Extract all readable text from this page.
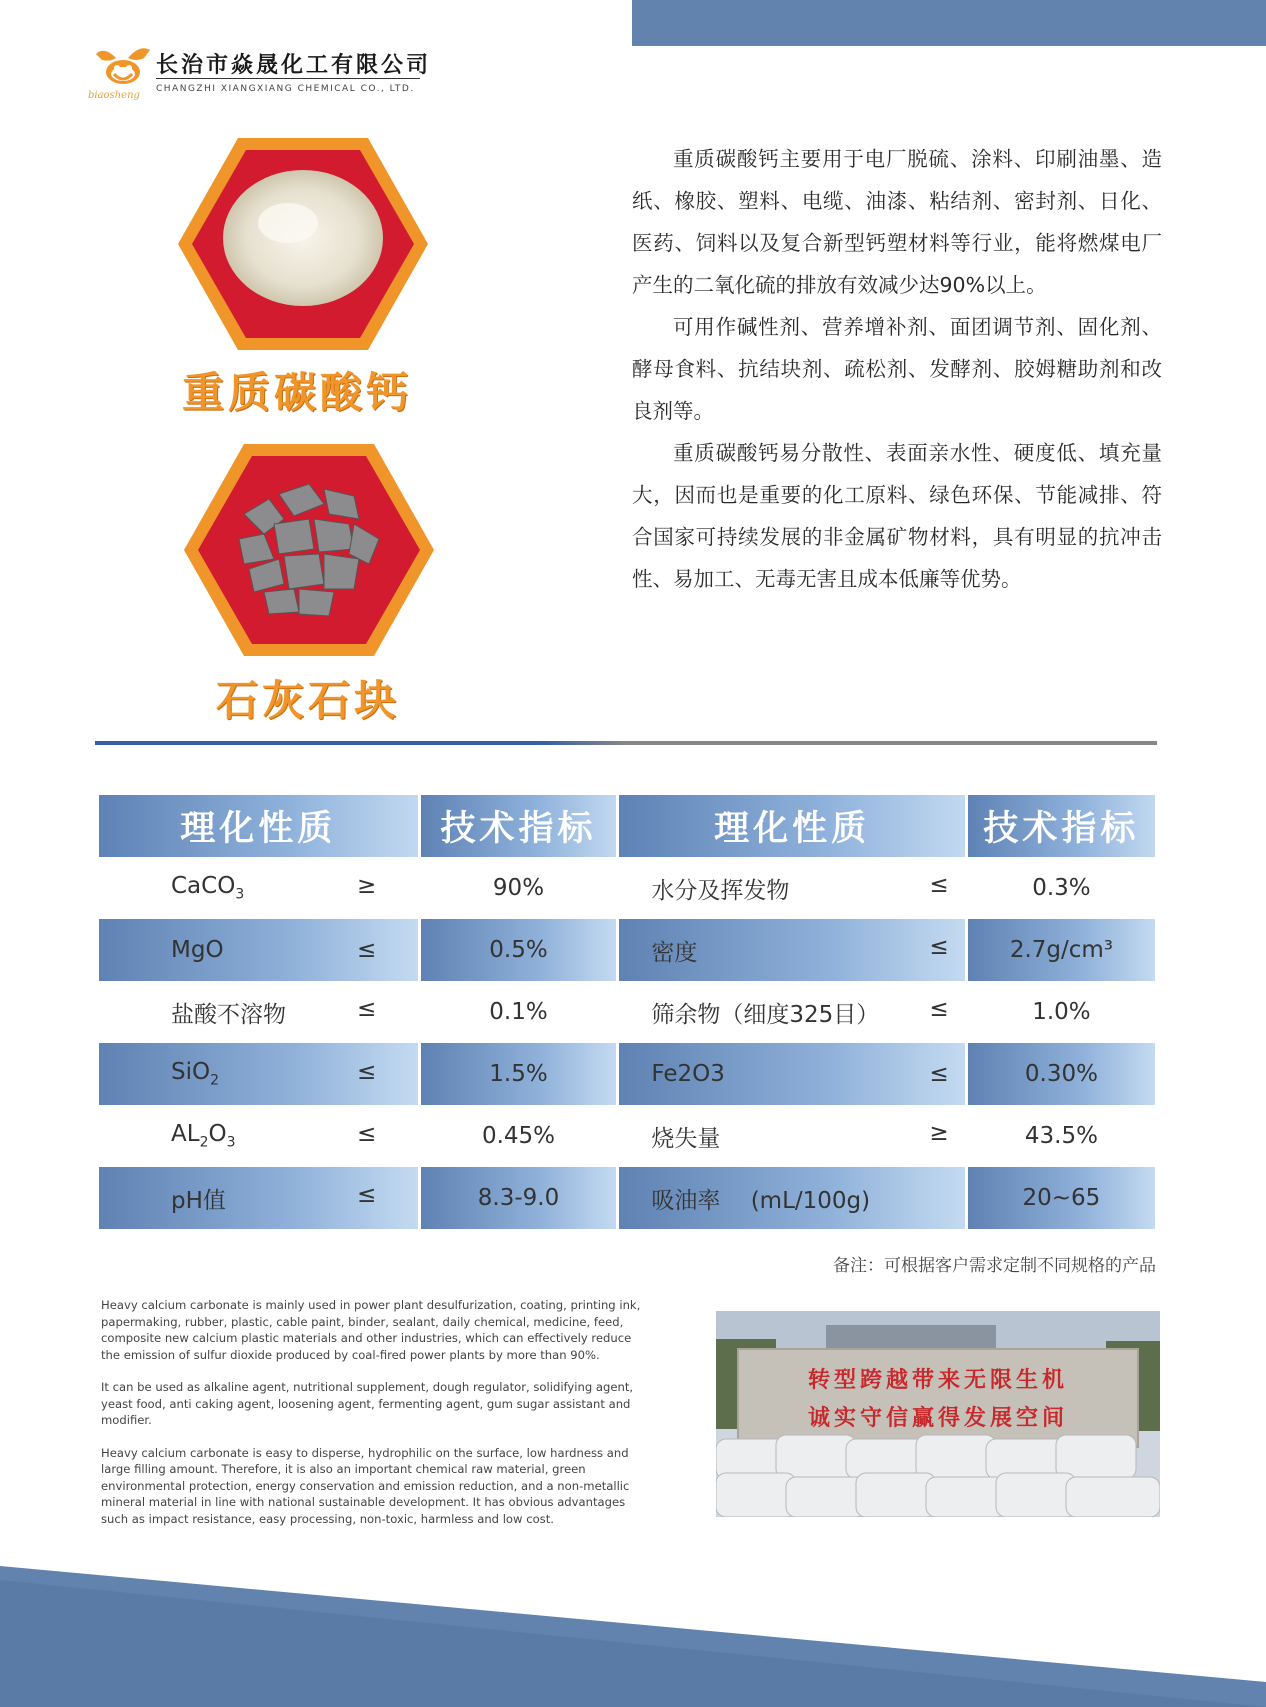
biaosheng
长治市焱晟化工有限公司
CHANGZHI XIANGXIANG CHEMICAL CO., LTD.
重质碳酸钙
石灰石块

重质碳酸钙主要用于电厂脱硫、涂料、印刷油墨、造纸、橡胶、塑料、电缆、油漆、粘结剂、密封剂、日化、医药、饲料以及复合新型钙塑材料等行业，能将燃煤电厂产生的二氧化硫的排放有效减少达90%以上。

可用作碱性剂、营养增补剂、面团调节剂、固化剂、酵母食料、抗结块剂、疏松剂、发酵剂、胶姆糖助剂和改良剂等。

重质碳酸钙易分散性、表面亲水性、硬度低、填充量大，因而也是重要的化工原料、绿色环保、节能减排、符合国家可持续发展的非金属矿物材料，具有明显的抗冲击性、易加工、无毒无害且成本低廉等优势。

理化性质	技术指标	理化性质	技术指标

CaCO$_3$ ≥	90%	水分及挥发物 ≤	0.3%

MgO ≤	0.5%	密度 ≤	2.7g/cm³

盐酸不溶物 ≤	0.1%	筛余物（细度325目） ≤	1.0%

SiO$_2$ ≤	1.5%	Fe2O3 ≤	0.30%

$AL_2O_3$ ≤	0.45%	烧失量 ≥	43.5%

pH值 ≤	8.3-9.0	吸油率　 (mL/100g)	20~65
备注：可根据客户需求定制不同规格的产品

Heavy calcium carbonate is mainly used in power plant desulfurization, coating, printing ink, papermaking, rubber, plastic, cable paint, binder, sealant, daily chemical, medicine, feed, composite new calcium plastic materials and other industries, which can effectively reduce the emission of sulfur dioxide produced by coal-fired power plants by more than 90%.

It can be used as alkaline agent, nutritional supplement, dough regulator, solidifying agent, yeast food, anti caking agent, loosening agent, fermenting agent, gum sugar assistant and modifier.

Heavy calcium carbonate is easy to disperse, hydrophilic on the surface, low hardness and large filling amount. Therefore, it is also an important chemical raw material, green environmental protection, energy conservation and emission reduction, and a non-metallic mineral material in line with national sustainable development. It has obvious advantages such as impact resistance, easy processing, non-toxic, harmless and low cost.

转型跨越带来无限生机
诚实守信赢得发展空间
